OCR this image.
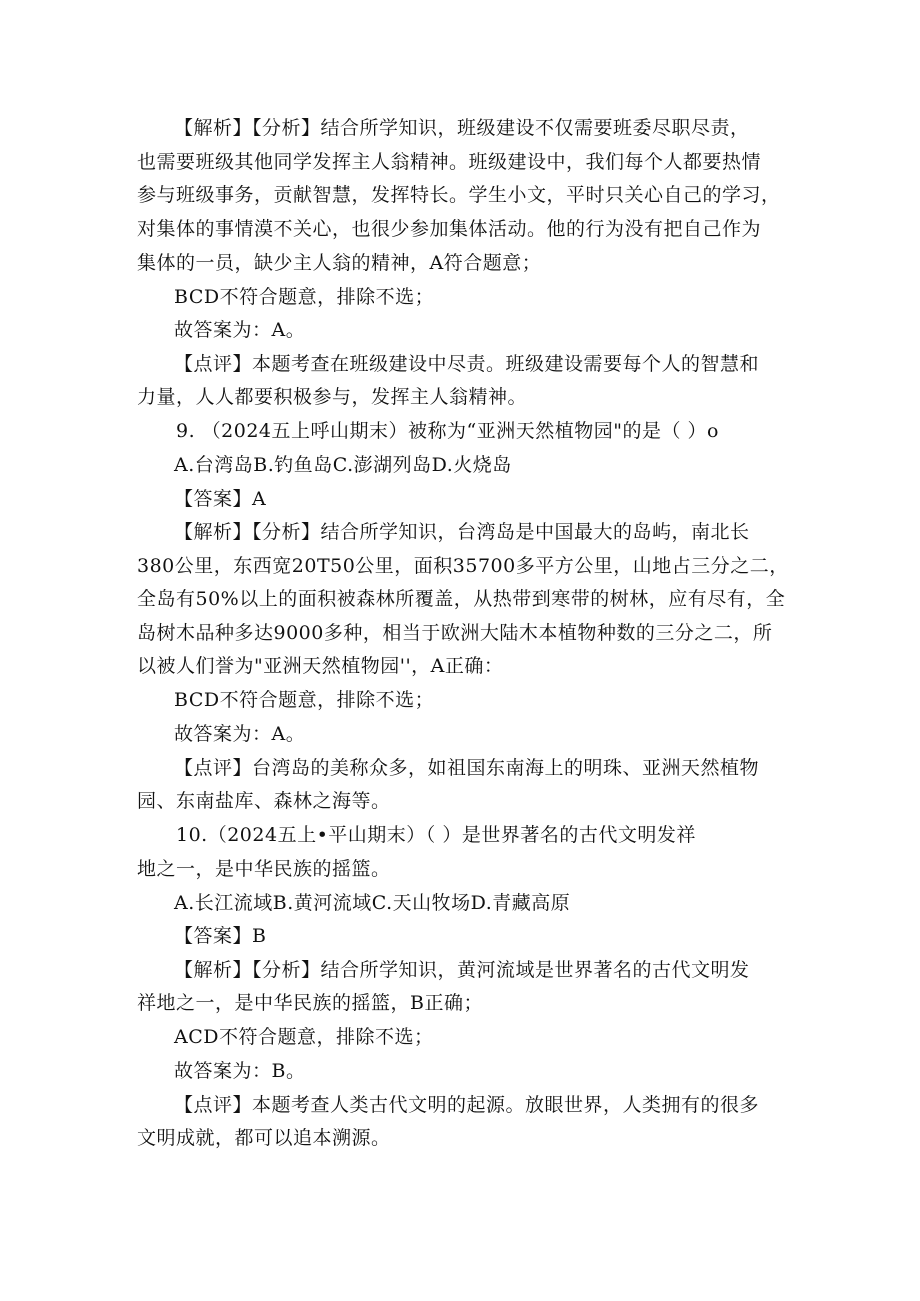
【解析】【分析】结合所学知识，班级建设不仅需要班委尽职尽责，
也需要班级其他同学发挥主人翁精神。班级建设中，我们每个人都要热情
参与班级事务，贡献智慧，发挥特长。学生小文，平时只关心自己的学习，
对集体的事情漠不关心，也很少参加集体活动。他的行为没有把自己作为
集体的一员，缺少主人翁的精神，A符合题意；
BCD不符合题意，排除不选；
故答案为：A。
【点评】本题考查在班级建设中尽责。班级建设需要每个人的智慧和
力量，人人都要积极参与，发挥主人翁精神。
9. （2024五上呼山期末）被称为“亚洲天然植物园"的是（ ）o
A.台湾岛B.钓鱼岛C.澎湖列岛D.火烧岛
【答案】A
【解析】【分析】结合所学知识，台湾岛是中国最大的岛屿，南北长
380公里，东西宽20T50公里，面积35700多平方公里，山地占三分之二，
全岛有50%以上的面积被森林所覆盖，从热带到寒带的树林，应有尽有，全
岛树木品种多达9000多种，相当于欧洲大陆木本植物种数的三分之二，所
以被人们誉为"亚洲天然植物园''，A正确：
BCD不符合题意，排除不选；
故答案为：A。
【点评】台湾岛的美称众多，如祖国东南海上的明珠、亚洲天然植物
园、东南盐库、森林之海等。
10.（2024五上•平山期末）（ ）是世界著名的古代文明发祥
地之一，是中华民族的摇篮。
A.长江流域B.黄河流域C.天山牧场D.青藏高原
【答案】B
【解析】【分析】结合所学知识，黄河流域是世界著名的古代文明发
祥地之一，是中华民族的摇篮，B正确；
ACD不符合题意，排除不选；
故答案为：B。
【点评】本题考查人类古代文明的起源。放眼世界，人类拥有的很多
文明成就，都可以追本溯源。
